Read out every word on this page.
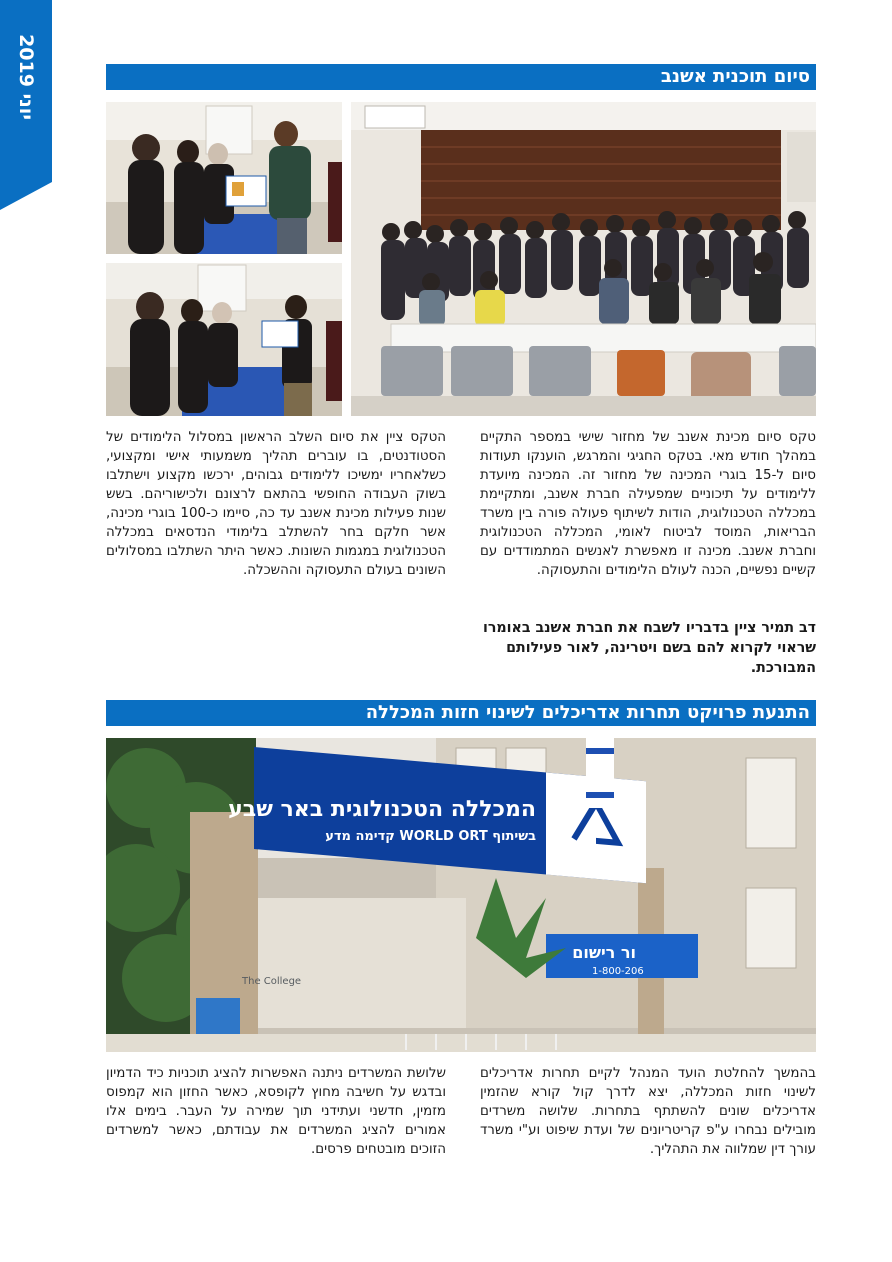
יוני 2019
סיום תוכנית אשנב

טקס סיום מכינת אשנב של מחזור שישי במספר התקיים במהלך חודש מאי. בטקס החגיגי והמרגש, הוענקו תעודות סיום ל-15 בוגרי המכינה של מחזור זה. המכינה מיועדת ללימודים על תיכוניים שמפעילה חברת אשנב, ומתקיימת במכללה הטכנולוגית, הודות לשיתוף פעולה פורה בין משרד הבריאות, המוסד לביטוח לאומי, המכללה הטכנולוגית וחברת אשנב. מכינה זו מאפשרת לאנשים המתמודדים עם קשיים נפשיים, הכנה לעולם הלימודים והתעסוקה.

דב תמיר ציין בדבריו לשבח את חברת אשנב באומרו שראוי לקרוא להם בשם ויטרינה, לאור פעילותם המבורכת.

הטקס ציין את סיום השלב הראשון במסלול הלימודים של הסטודנטים, בו עוברים תהליך משמעותי אישי ומקצועי, כשלאחריו ימשיכו ללימודים גבוהים, ירכשו מקצוע וישתלבו בשוק העבודה החופשי בהתאם לרצונם ולכישוריהם. בשש שנות פעילות מכינת אשנב עד כה, סיימו כ-100 בוגרי מכינה, אשר חלקם בחר להשתלב בלימודי הנדסאים במכללה הטכנולוגית במגמות השונות. כאשר היתר השתלבו במסלולים השונים בעולם התעסוקה וההשכלה.

התנעת פרויקט תחרות אדריכלים לשינוי חזות המכללה
המכללה הטכנולוגית באר שבע
בשיתוף WORLD ORT קדימה מדע
ור רישום
1-800-206
The College

בהמשך להחלטת הועד המנהל לקיים תחרות אדריכלים לשינוי חזות המכללה, יצא לדרך קול קורא שהזמין אדריכלים שונים להשתתף בתחרות. שלושה משרדים מובילים נבחרו ע"פ קריטריונים של ועדת שיפוט וע"י משרד עורך דין שמלווה את התהליך.

שלושת המשרדים ניתנה האפשרות להציג תוכניות כיד הדמיון ובדגש על חשיבה מחוץ לקופסא, כאשר החזון הוא קמפוס מזמין, חדשני ועתידני תוך שמירה על העבר. בימים אלו אמורים להציג המשרדים את עבודתם, כאשר למשרדים הזוכים מובטחים פרסים.
